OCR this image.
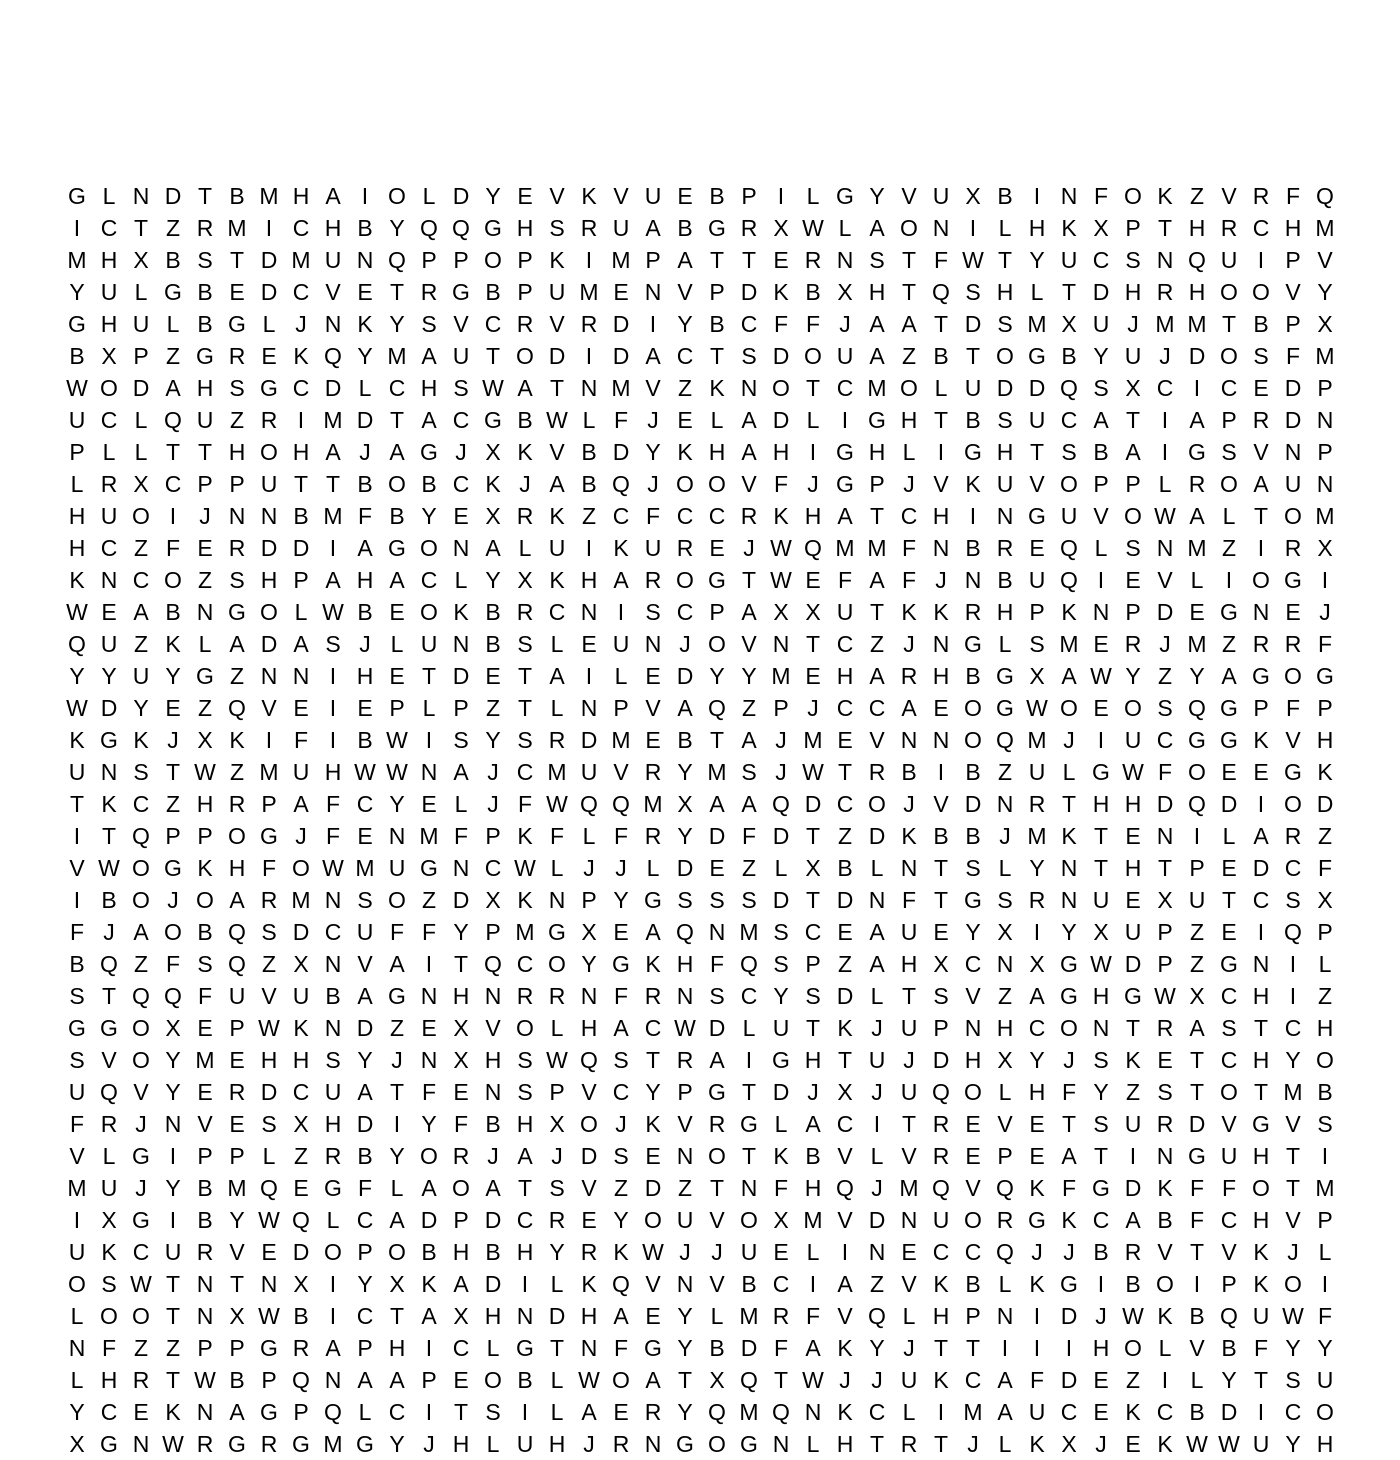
G L N D T B M H A I O L D Y E V K V U E B P I L G Y V U X B I N F O K Z V R F Q
I C T Z R M I C H B Y Q Q G H S R U A B G R X W L A O N I L H K X P T H R C H M
M H X B S T D M U N Q P P O P K I M P A T T E R N S T F W T Y U C S N Q U I P V
Y U L G B E D C V E T R G B P U M E N V P D K B X H T Q S H L T D H R H O O V Y
G H U L B G L J N K Y S V C R V R D I Y B C F F J A A T D S M X U J M M T B P X
B X P Z G R E K Q Y M A U T O D I D A C T S D O U A Z B T O G B Y U J D O S F M
W O D A H S G C D L C H S W A T N M V Z K N O T C M O L U D D Q S X C I C E D P
U C L Q U Z R I M D T A C G B W L F J E L A D L I G H T B S U C A T I A P R D N
P L L T T H O H A J A G J X K V B D Y K H A H I G H L I G H T S B A I G S V N P
L R X C P P U T T B O B C K J A B Q J O O V F J G P J V K U V O P P L R O A U N
H U O I	J N N B M F B Y E X R K Z C F C C R K H A T C H I N G U V O W A L T O M
H C Z F E R D D I A G O N A L U I K U R E J W Q M M F N B R E Q L S N M Z I R X
K N C O Z S H P A H A C L Y X K H A R O G T W E F A F J N B U Q I E V L I O G I
W E A B N G O L W B E O K B R C N I S C P A X X U T K K R H P K N P D E G N E J
Q U Z K L A D A S J L U N B S L E U N J O V N T C Z J N G L S M E R J M Z R R F
Y Y U Y G Z N N I H E T D E T A I L E D Y Y M E H A R H B G X A W Y Z Y A G O G
W D Y E Z Q V E I E P L P Z T L N P V A Q Z P J C C A E O G W O E O S Q G P F P
K G K J X K I F I B W I S Y S R D M E B T A J M E V N N O Q M J	I U C G G K V H
U N S T W Z M U H W W N A J C M U V R Y M S J W T R B I B Z U L G W F O E E G K
T K C Z H R P A F C Y E L J F W Q Q M X A A Q D C O J V D N R T H H D Q D I O D
I T Q P P O G J F E N M F P K F L F R Y D F D T Z D K B B J M K T E N I L A R Z
V W O G K H F O W M U G N C W L J J L D E Z L X B L N T S L Y N T H T P E D C F
I B O J O A R M N S O Z D X K N P Y G S S S D T D N F T G S R N U E X U T C S X
F J A O B Q S D C U F F Y P M G X E A Q N M S C E A U E Y X I Y X U P Z E I Q P
B Q Z F S Q Z X N V A I T Q C O Y G K H F Q S P Z A H X C N X G W D P Z G N I L
S T Q Q F U V U B A G N H N R R N F R N S C Y S D L T S V Z A G H G W X C H I Z
G G O X E P W K N D Z E X V O L H A C W D L U T K J U P N H C O N T R A S T C H
S V O Y M E H H S Y J N X H S W Q S T R A I G H T U J D H X Y J S K E T C H Y O
U Q V Y E R D C U A T F E N S P V C Y P G T D J X J U Q O L H F Y Z S T O T M B
F R J N V E S X H D I Y F B H X O J K V R G L A C I T R E V E T S U R D V G V S
V L G I P P L Z R B Y O R J A J D S E N O T K B V L V R E P E A T I N G U H T I
M U J Y B M Q E G F L A O A T S V Z D Z T N F H Q J M Q V Q K F G D K F F O T M
I X G I B Y W Q L C A D P D C R E Y O U V O X M V D N U O R G K C A B F C H V P
U K C U R V E D O P O B H B H Y R K W J J U E L I N E C C Q J J B R V T V K J L
O S W T N T N X I Y X K A D I L K Q V N V B C I A Z V K B L K G I B O I P K O I
L O O T N X W B I C T A X H N D H A E Y L M R F V Q L H P N I D J W K B Q U W F
N F Z Z P P G R A P H I C L G T N F G Y B D F A K Y J T T I	I	I H O L V B F Y Y
L H R T W B P Q N A A P E O B L W O A T X Q T W J J U K C A F D E Z I L Y T S U
Y C E K N A G P Q L C I T S I L A E R Y Q M Q N K C L I M A U C E K C B D I C O
X G N W R G R G M G Y J H L U H J R N G O G N L H T R T J L K X J E K W W U Y H
